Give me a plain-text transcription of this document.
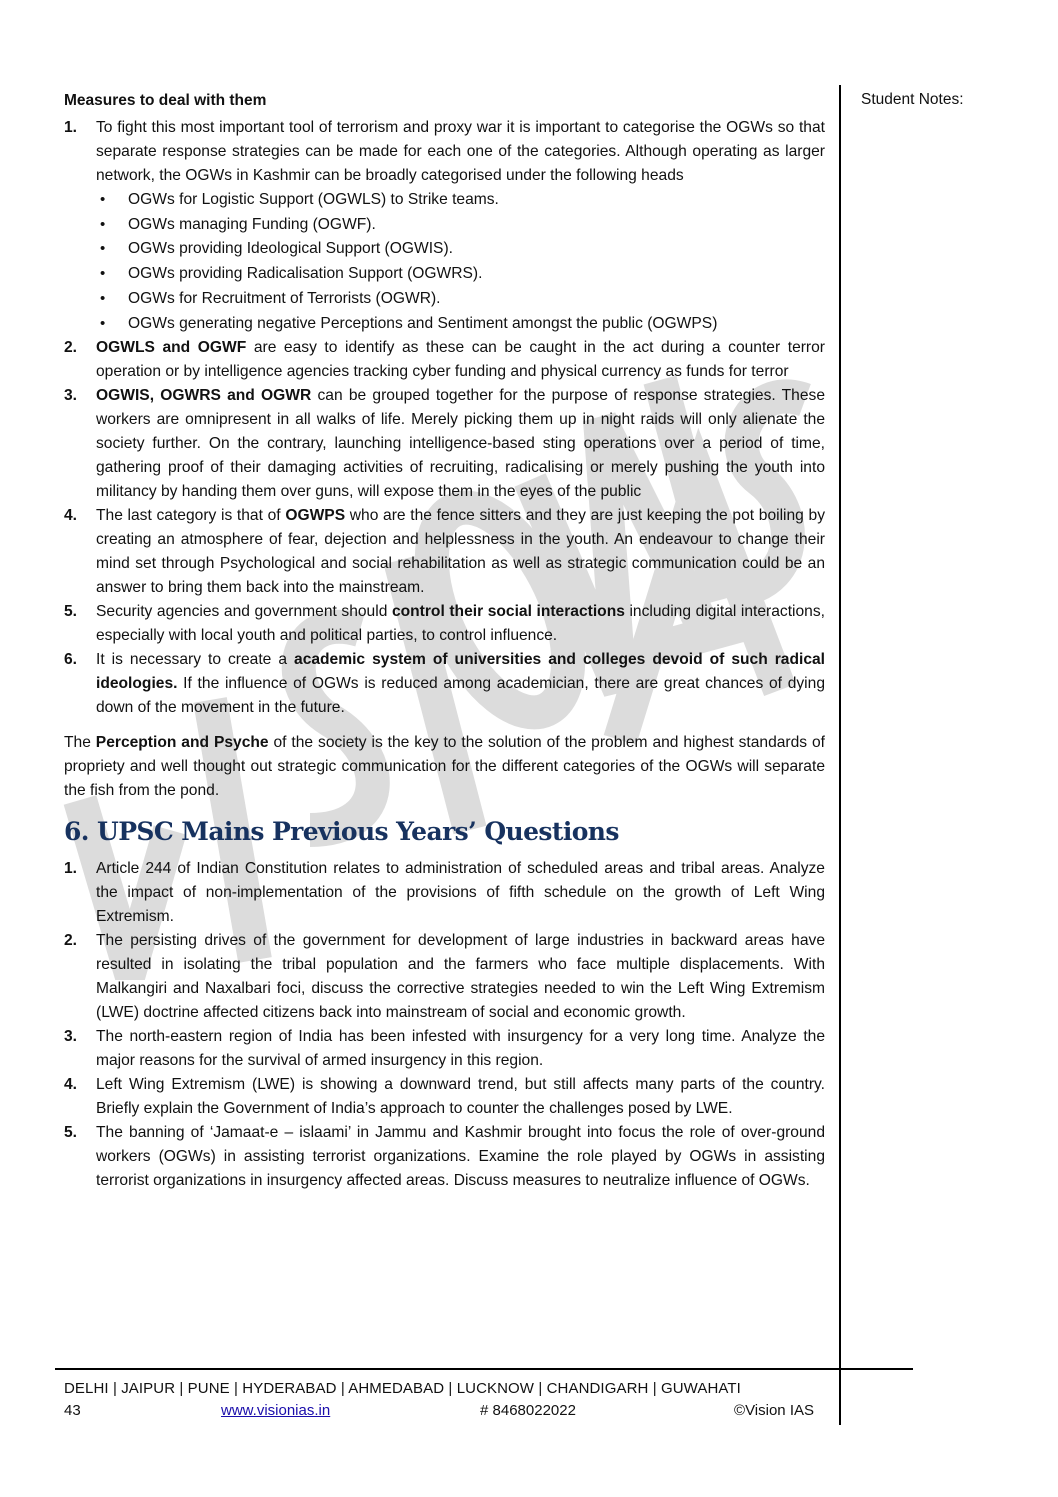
Student Notes:
Measures to deal with them
1. To fight this most important tool of terrorism and proxy war it is important to categorise the OGWs so that separate response strategies can be made for each one of the categories. Although operating as larger network, the OGWs in Kashmir can be broadly categorised under the following heads
• OGWs for Logistic Support (OGWLS) to Strike teams.
• OGWs managing Funding (OGWF).
• OGWs providing Ideological Support (OGWIS).
• OGWs providing Radicalisation Support (OGWRS).
• OGWs for Recruitment of Terrorists (OGWR).
• OGWs generating negative Perceptions and Sentiment amongst the public (OGWPS)
2. OGWLS and OGWF are easy to identify as these can be caught in the act during a counter terror operation or by intelligence agencies tracking cyber funding and physical currency as funds for terror
3. OGWIS, OGWRS and OGWR can be grouped together for the purpose of response strategies. These workers are omnipresent in all walks of life. Merely picking them up in night raids will only alienate the society further. On the contrary, launching intelligence-based sting operations over a period of time, gathering proof of their damaging activities of recruiting, radicalising or merely pushing the youth into militancy by handing them over guns, will expose them in the eyes of the public
4. The last category is that of OGWPS who are the fence sitters and they are just keeping the pot boiling by creating an atmosphere of fear, dejection and helplessness in the youth. An endeavour to change their mind set through Psychological and social rehabilitation as well as strategic communication could be an answer to bring them back into the mainstream.
5. Security agencies and government should control their social interactions including digital interactions, especially with local youth and political parties, to control influence.
6. It is necessary to create a academic system of universities and colleges devoid of such radical ideologies. If the influence of OGWs is reduced among academician, there are great chances of dying down of the movement in the future.

The Perception and Psyche of the society is the key to the solution of the problem and highest standards of propriety and well thought out strategic communication for the different categories of the OGWs will separate the fish from the pond.

6. UPSC Mains Previous Years’ Questions
1. Article 244 of Indian Constitution relates to administration of scheduled areas and tribal areas. Analyze the impact of non-implementation of the provisions of fifth schedule on the growth of Left Wing Extremism.
2. The persisting drives of the government for development of large industries in backward areas have resulted in isolating the tribal population and the farmers who face multiple displacements. With Malkangiri and Naxalbari foci, discuss the corrective strategies needed to win the Left Wing Extremism (LWE) doctrine affected citizens back into mainstream of social and economic growth.
3. The north-eastern region of India has been infested with insurgency for a very long time. Analyze the major reasons for the survival of armed insurgency in this region.
4. Left Wing Extremism (LWE) is showing a downward trend, but still affects many parts of the country. Briefly explain the Government of India’s approach to counter the challenges posed by LWE.
5. The banning of ‘Jamaat-e – islaami’ in Jammu and Kashmir brought into focus the role of over-ground workers (OGWs) in assisting terrorist organizations. Examine the role played by OGWs in assisting terrorist organizations in insurgency affected areas. Discuss measures to neutralize influence of OGWs.
DELHI | JAIPUR | PUNE | HYDERABAD | AHMEDABAD | LUCKNOW | CHANDIGARH | GUWAHATI
43	www.visionias.in	# 8468022022	©Vision IAS
